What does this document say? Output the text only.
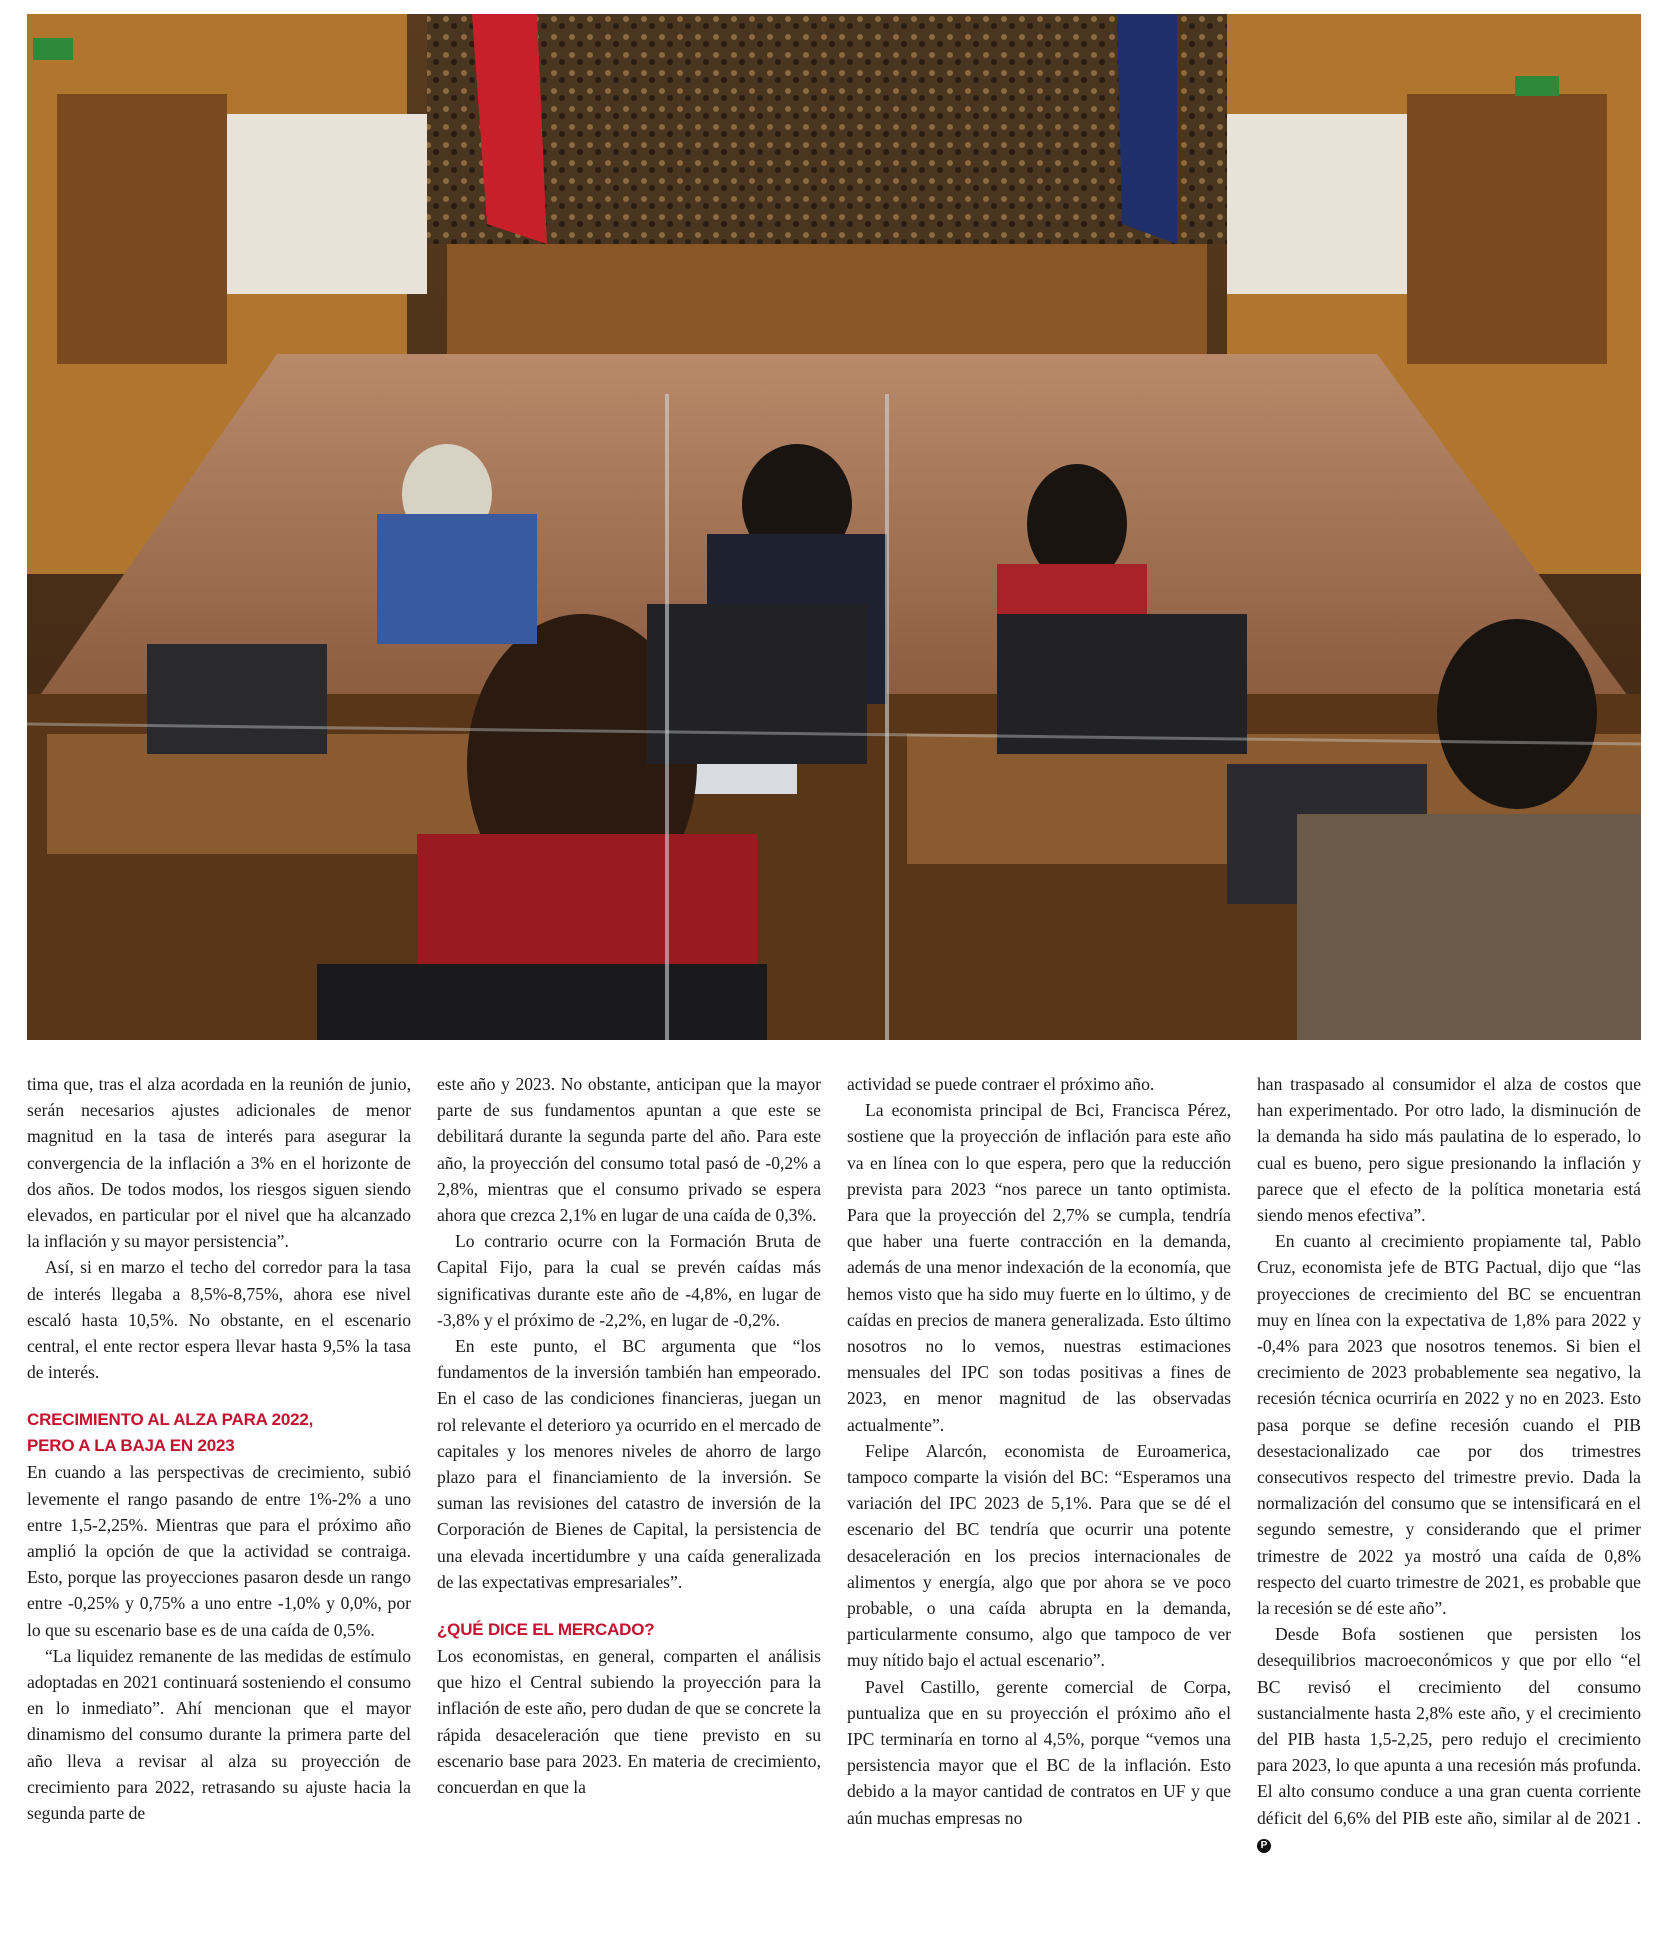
tima que, tras el alza acordada en la reunión de junio, serán necesarios ajustes adicionales de menor magnitud en la tasa de interés para asegurar la convergencia de la inflación a 3% en el horizonte de dos años. De todos modos, los riesgos siguen siendo elevados, en particular por el nivel que ha alcanzado la inflación y su mayor persistencia”.

Así, si en marzo el techo del corredor para la tasa de interés llegaba a 8,5%-8,75%, ahora ese nivel escaló hasta 10,5%. No obstante, en el escenario central, el ente rector espera llevar hasta 9,5% la tasa de interés.

CRECIMIENTO AL ALZA PARA 2022,
PERO A LA BAJA EN 2023

En cuando a las perspectivas de crecimiento, subió levemente el rango pasando de entre 1%-2% a uno entre 1,5-2,25%. Mientras que para el próximo año amplió la opción de que la actividad se contraiga. Esto, porque las proyecciones pasaron desde un rango entre -0,25% y 0,75% a uno entre -1,0% y 0,0%, por lo que su escenario base es de una caída de 0,5%.

“La liquidez remanente de las medidas de estímulo adoptadas en 2021 continuará sosteniendo el consumo en lo inmediato”. Ahí mencionan que el mayor dinamismo del consumo durante la primera parte del año lleva a revisar al alza su proyección de crecimiento para 2022, retrasando su ajuste hacia la segunda parte de

este año y 2023. No obstante, anticipan que la mayor parte de sus fundamentos apuntan a que este se debilitará durante la segunda parte del año. Para este año, la proyección del consumo total pasó de -0,2% a 2,8%, mientras que el consumo privado se espera ahora que crezca 2,1% en lugar de una caída de 0,3%.

Lo contrario ocurre con la Formación Bruta de Capital Fijo, para la cual se prevén caídas más significativas durante este año de -4,8%, en lugar de -3,8% y el próximo de -2,2%, en lugar de -0,2%.

En este punto, el BC argumenta que “los fundamentos de la inversión también han empeorado. En el caso de las condiciones financieras, juegan un rol relevante el deterioro ya ocurrido en el mercado de capitales y los menores niveles de ahorro de largo plazo para el financiamiento de la inversión. Se suman las revisiones del catastro de inversión de la Corporación de Bienes de Capital, la persistencia de una elevada incertidumbre y una caída generalizada de las expectativas empresariales”.

¿QUÉ DICE EL MERCADO?

Los economistas, en general, comparten el análisis que hizo el Central subiendo la proyección para la inflación de este año, pero dudan de que se concrete la rápida desaceleración que tiene previsto en su escenario base para 2023. En materia de crecimiento, concuerdan en que la

actividad se puede contraer el próximo año.

La economista principal de Bci, Francisca Pérez, sostiene que la proyección de inflación para este año va en línea con lo que espera, pero que la reducción prevista para 2023 “nos parece un tanto optimista. Para que la proyección del 2,7% se cumpla, tendría que haber una fuerte contracción en la demanda, además de una menor indexación de la economía, que hemos visto que ha sido muy fuerte en lo último, y de caídas en precios de manera generalizada. Esto último nosotros no lo vemos, nuestras estimaciones mensuales del IPC son todas positivas a fines de 2023, en menor magnitud de las observadas actualmente”.

Felipe Alarcón, economista de Euroamerica, tampoco comparte la visión del BC: “Esperamos una variación del IPC 2023 de 5,1%. Para que se dé el escenario del BC tendría que ocurrir una potente desaceleración en los precios internacionales de alimentos y energía, algo que por ahora se ve poco probable, o una caída abrupta en la demanda, particularmente consumo, algo que tampoco de ver muy nítido bajo el actual escenario”.

Pavel Castillo, gerente comercial de Corpa, puntualiza que en su proyección el próximo año el IPC terminaría en torno al 4,5%, porque “vemos una persistencia mayor que el BC de la inflación. Esto debido a la mayor cantidad de contratos en UF y que aún muchas empresas no

han traspasado al consumidor el alza de costos que han experimentado. Por otro lado, la disminución de la demanda ha sido más paulatina de lo esperado, lo cual es bueno, pero sigue presionando la inflación y parece que el efecto de la política monetaria está siendo menos efectiva”.

En cuanto al crecimiento propiamente tal, Pablo Cruz, economista jefe de BTG Pactual, dijo que “las proyecciones de crecimiento del BC se encuentran muy en línea con la expectativa de 1,8% para 2022 y -0,4% para 2023 que nosotros tenemos. Si bien el crecimiento de 2023 probablemente sea negativo, la recesión técnica ocurriría en 2022 y no en 2023. Esto pasa porque se define recesión cuando el PIB desestacionalizado cae por dos trimestres consecutivos respecto del trimestre previo. Dada la normalización del consumo que se intensificará en el segundo semestre, y considerando que el primer trimestre de 2022 ya mostró una caída de 0,8% respecto del cuarto trimestre de 2021, es probable que la recesión se dé este año”.

Desde Bofa sostienen que persisten los desequilibrios macroeconómicos y que por ello “el BC revisó el crecimiento del consumo sustancialmente hasta 2,8% este año, y el crecimiento del PIB hasta 1,5-2,25, pero redujo el crecimiento para 2023, lo que apunta a una recesión más profunda. El alto consumo conduce a una gran cuenta corriente déficit del 6,6% del PIB este año, similar al de 2021 .P
